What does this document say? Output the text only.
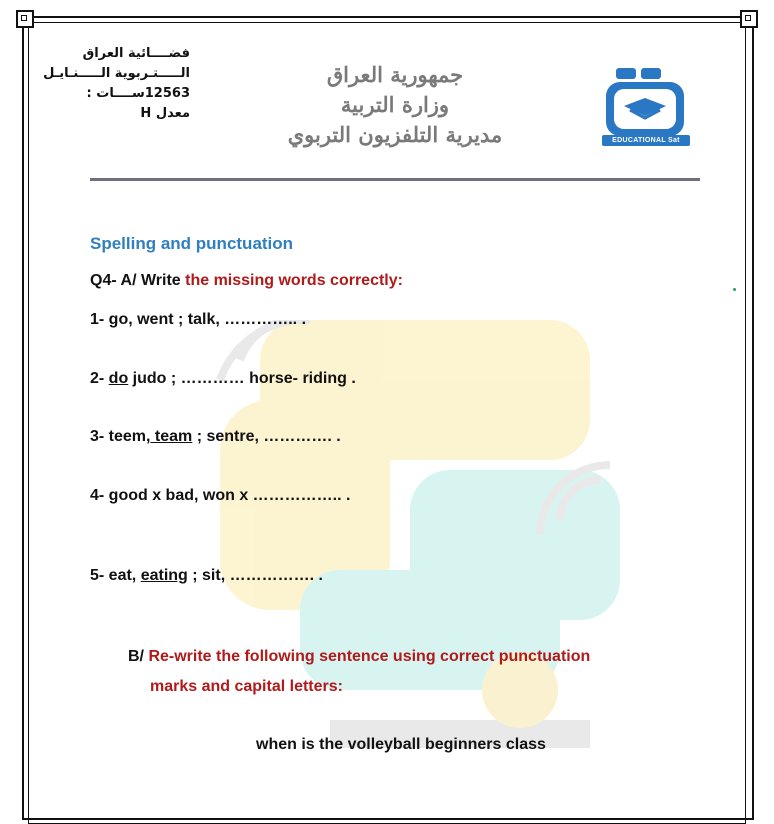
فضــــائية العراق
الـــــتـربوية الـــــنـايـل
12563ســــات :
معدل H
جمهورية العراق
وزارة التربية
مديرية التلفزيون التربوي	EDUCATIONAL Sat
Spelling and punctuation
Q4- A/ Write the missing words correctly:
1- go, went ; talk, ………….. .
2- do judo ; ………… horse- riding .
3- teem, team ; sentre, …………. .
4- good x bad, won x …………….. .
5- eat, eating ; sit, ……………. .
B/ Re-write the following sentence using correct punctuation
marks and capital letters:
when is the volleyball beginners class
